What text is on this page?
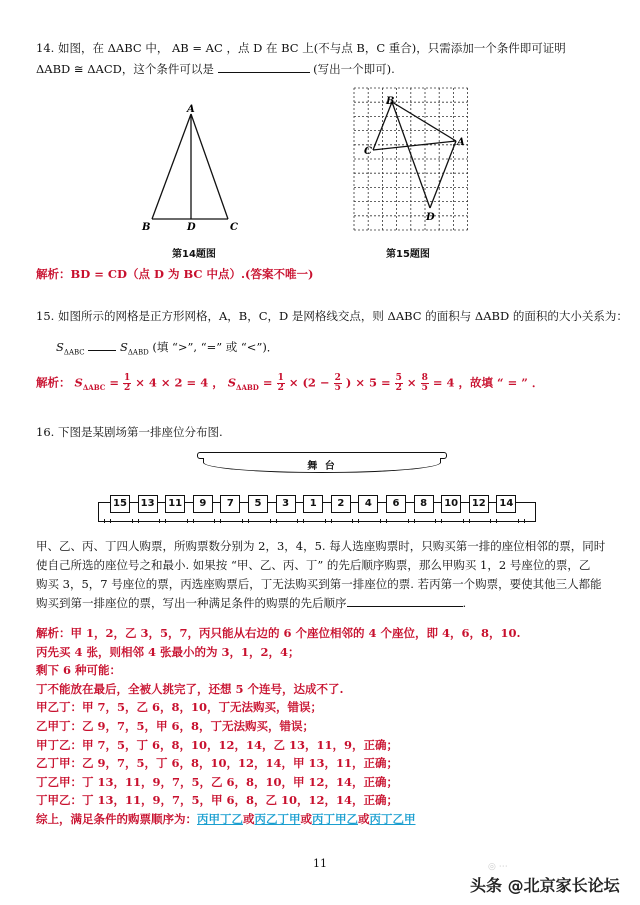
14. 如图，在 ΔABC 中， AB = AC ，点 D 在 BC 上(不与点 B，C 重合)，只需添加一个条件即可证明
ΔABD ≅ ΔACD，这个条件可以是	(写出一个即可).
A
B	D	C
第14题图
B
C
A
D
第15题图
解析：BD = CD（点 D 为 BC 中点）.(答案不唯一)
15. 如图所示的网格是正方形网格，A，B，C，D 是网格线交点，则 ΔABC 的面积与 ΔABD 的面积的大小关系为：
$S_{\Delta ABC}$	$S_{\Delta ABD}$ (填 “>”, “=” 或 “<”)．
解析： $S_{\Delta ABC} = \frac{1}{2} \times 4 \times 2 = 4$ ， $S_{\Delta ABD} = \frac{1}{2} \times (2 - \frac{2}{5}$ ) × $5 = \frac{5}{2} \times \frac{8}{5} = 4$ ，故填 “ = ” ．
16. 下图是某剧场第一排座位分布图.
舞 台
15	13	11	9	7	5	3	1	2	4	6	8	10	12	14
甲、乙、丙、丁四人购票，所购票数分别为 2，3，4，5. 每人选座购票时，只购买第一排的座位相邻的票，同时
使自己所选的座位号之和最小. 如果按 “甲、乙、丙、丁” 的先后顺序购票，那么甲购买 1，2 号座位的票，乙
购买 3，5，7 号座位的票，丙选座购票后，丁无法购买到第一排座位的票. 若丙第一个购票，要使其他三人都能
购买到第一排座位的票，写出一种满足条件的购票的先后顺序	.
解析：甲 1，2，乙 3，5，7，丙只能从右边的 6 个座位相邻的 4 个座位，即 4，6，8，10.
丙先买 4 张，则相邻 4 张最小的为 3，1，2，4；
剩下 6 种可能：
丁不能放在最后，全被人挑完了，还想 5 个连号，达成不了.
甲乙丁：甲 7，5，乙 6，8，10，丁无法购买，错误；
乙甲丁：乙 9，7，5，甲 6，8，丁无法购买，错误；
甲丁乙：甲 7，5，丁 6，8，10，12，14，乙 13，11，9，正确；
乙丁甲：乙 9，7，5，丁 6，8，10，12，14，甲 13，11，正确；
丁乙甲：丁 13，11，9，7，5，乙 6，8，10，甲 12，14，正确；
丁甲乙：丁 13，11，9，7，5，甲 6，8，乙 10，12，14，正确；
综上，满足条件的购票顺序为：丙甲丁乙或丙乙丁甲或丙丁甲乙或丙丁乙甲
11	◎ ⋯
头条 @北京家长论坛
